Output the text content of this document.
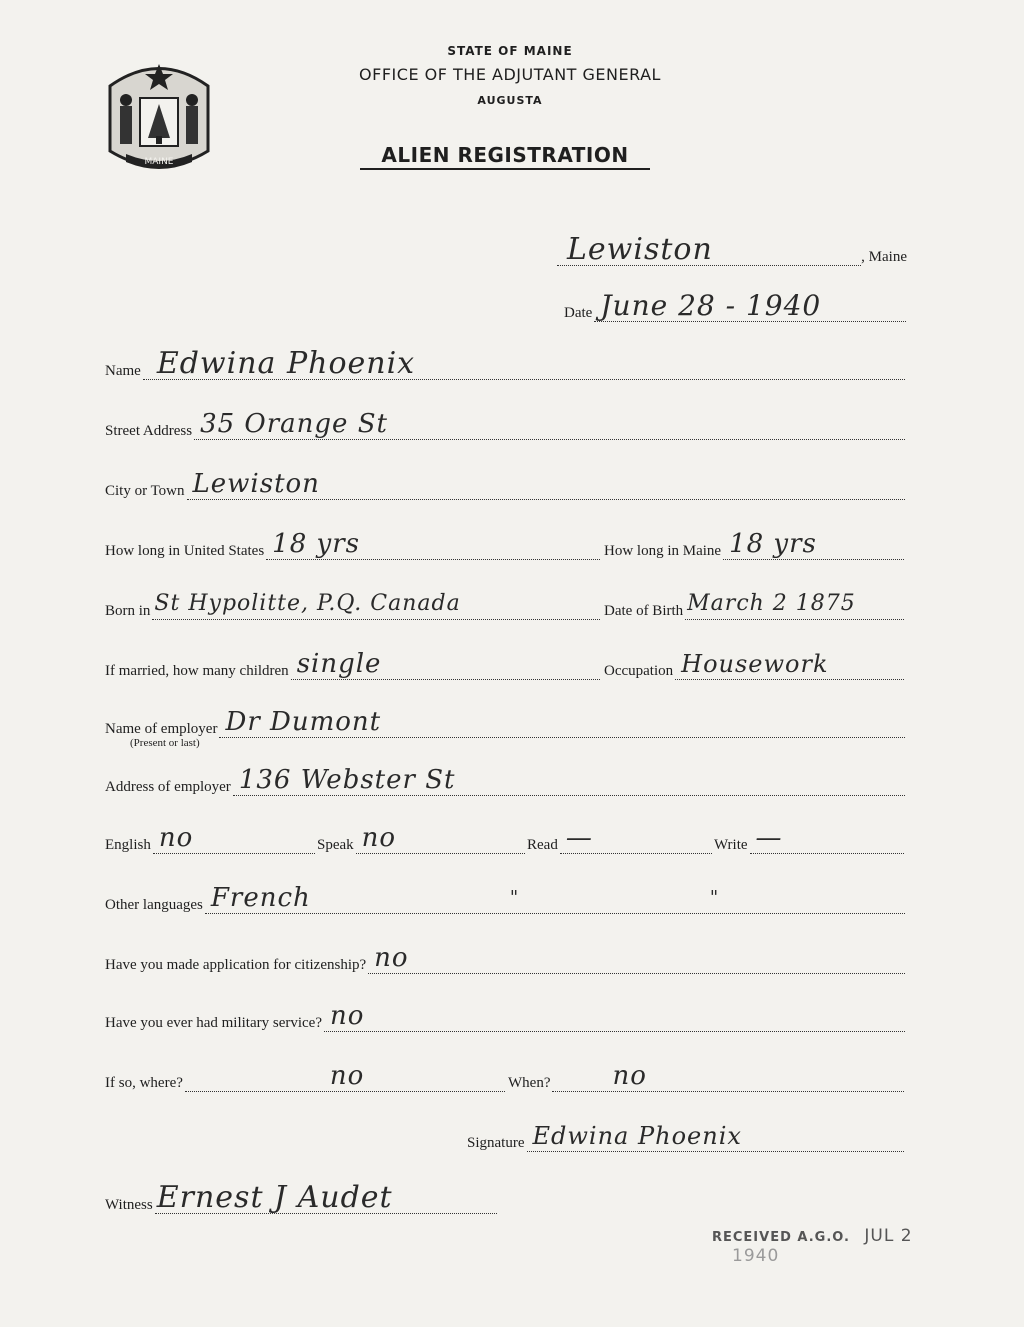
MAINE
STATE OF MAINE
OFFICE OF THE ADJUTANT GENERAL
AUGUSTA
ALIEN REGISTRATION
Lewiston	, Maine
Date June 28 - 1940
Name Edwina Phoenix
Street Address 35 Orange St
City or Town Lewiston
How long in United States 18 yrs	How long in Maine 18 yrs
Born in St Hypolitte, P.Q. Canada	Date of Birth March 2 1875
If married, how many children single	Occupation Housework
Name of employer Dr Dumont
(Present or last)
Address of employer 136 Webster St
English no	Speak no	Read —	Write —
Other languages French	"	"
Have you made application for citizenship? no
Have you ever had military service? no
If so, where?	no	When? no
Signature Edwina Phoenix
Witness Ernest J Audet
RECEIVED A.G.O. JUL 2 1940
